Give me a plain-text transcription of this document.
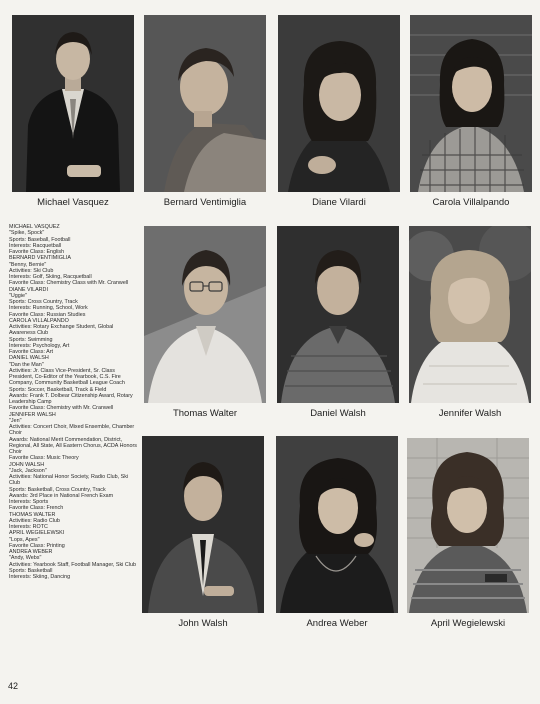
Michael Vasquez	Bernard Ventimiglia	Diane Vilardi	Carola Villalpando
Thomas Walter	Daniel Walsh	Jennifer Walsh
John Walsh	Andrea Weber	April Wegielewski
MICHAEL VASQUEZ
"Spike, Spock"
Sports: Baseball, Football
Interests: Racquetball
Favorite Class: English
BERNARD VENTIMIGLIA
"Benny, Bernie"
Activities: Ski Club
Interests: Golf, Skiing, Racquetball
Favorite Class: Chemistry Class with Mr. Cranwell
DIANE VILARDI
"Uggie"
Sports: Cross Country, Track
Interests: Running, School, Work
Favorite Class: Russian Studies
CAROLA VILLALPANDO
Activities: Rotary Exchange Student, Global Awareness Club
Sports: Swimming
Interests: Psychology, Art
Favorite Class: Art
DANIEL WALSH
"Dan the Man"
Activities: Jr. Class Vice-President, Sr. Class President, Co-Editor of the Yearbook, C.S. Fire Company, Community Basketball League Coach
Sports: Soccer, Basketball, Track & Field
Awards: Frank T. Dolbear Citizenship Award, Rotary Leadership Camp
Favorite Class: Chemistry with Mr. Cranwell
JENNIFER WALSH
"Jen"
Activities: Concert Choir, Mixed Ensemble, Chamber Choir
Awards: National Merit Commendation, District, Regional, All State, All Eastern Chorus, ACDA Honors Choir
Favorite Class: Music Theory
JOHN WALSH
"Jack, Jackson"
Activities: National Honor Society, Radio Club, Ski Club
Sports: Basketball, Cross Country, Track
Awards: 3rd Place in National French Exam
Interests: Sports
Favorite Class: French
THOMAS WALTER
Activities: Radio Club
Interests: ROTC
APRIL WEGIELEWSKI
"Lops, Apes"
Favorite Class: Printing
ANDREA WEBER
"Andy, Webs"
Activities: Yearbook Staff, Football Manager, Ski Club
Sports: Basketball
Interests: Skiing, Dancing
42
